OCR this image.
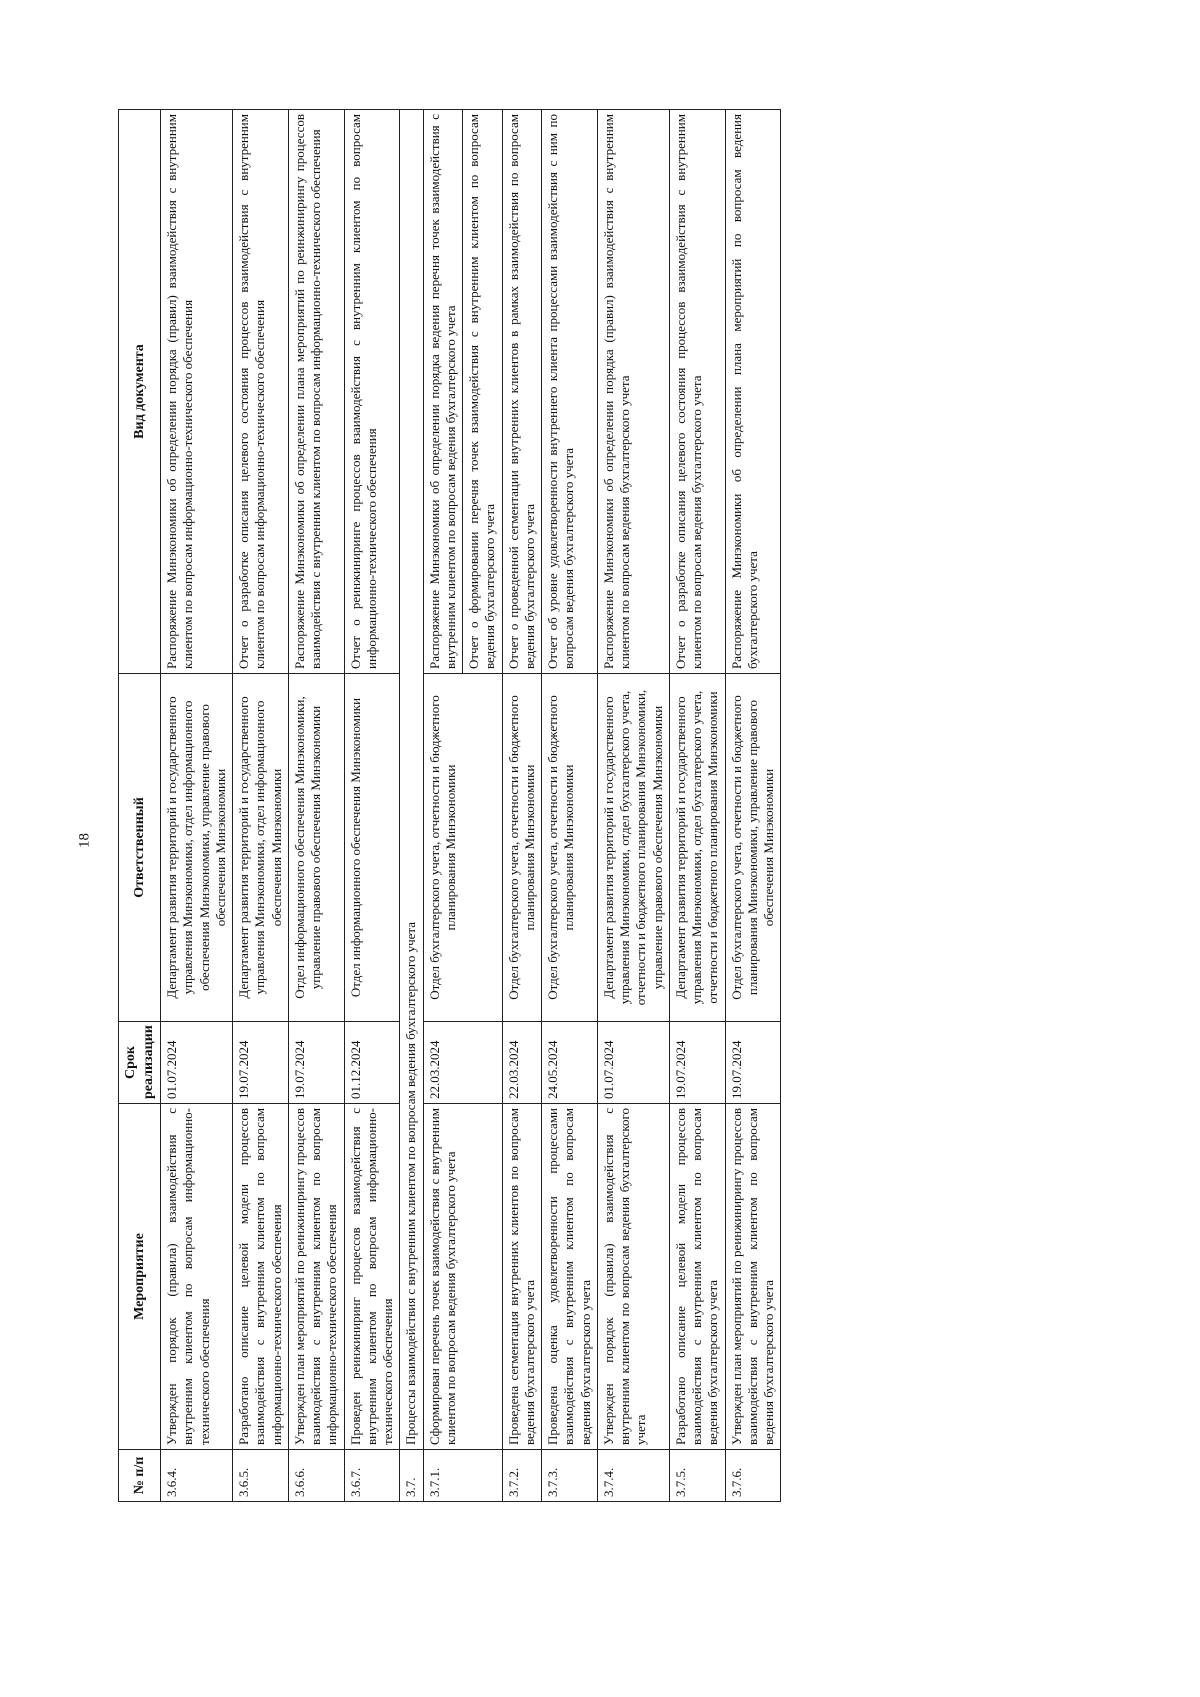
18
№ п/п	Мероприятие	Срок реализации	Ответственный	Вид документа
3.6.4.	Утвержден порядок (правила) взаимодействия с внутренним клиентом по вопросам информационно-технического обеспечения	01.07.2024	Департамент развития территорий и государственного управления Минэкономики, отдел информационного обеспечения Минэкономики, управление правового обеспечения Минэкономики	Распоряжение Минэкономики об определении порядка (правил) взаимодействия с внутренним клиентом по вопросам информационно-технического обеспечения

3.6.5.	Разработано описание целевой модели процессов взаимодействия с внутренним клиентом по вопросам информационно-технического обеспечения	19.07.2024	Департамент развития территорий и государственного управления Минэкономики, отдел информационного обеспечения Минэкономики	Отчет о разработке описания целевого состояния процессов взаимодействия с внутренним клиентом по вопросам информационно-технического обеспечения

3.6.6.	Утвержден план мероприятий по реинжинирингу процессов взаимодействия с внутренним клиентом по вопросам информационно-технического обеспечения	19.07.2024	Отдел информационного обеспечения Минэкономики, управление правового обеспечения Минэкономики	Распоряжение Минэкономики об определении плана мероприятий по реинжинирингу процессов взаимодействия с внутренним клиентом по вопросам информационно-технического обеспечения

3.6.7.	Проведен реинжиниринг процессов взаимодействия с внутренним клиентом по вопросам информационно-технического обеспечения	01.12.2024	Отдел информационного обеспечения Минэкономики	Отчет о реинжиниринге процессов взаимодействия с внутренним клиентом по вопросам информационно-технического обеспечения

3.7.	Процессы взаимодействия с внутренним клиентом по вопросам ведения бухгалтерского учета			
3.7.1.	Сформирован перечень точек взаимодействия с внутренним клиентом по вопросам ведения бухгалтерского учета	22.03.2024	Отдел бухгалтерского учета, отчетности и бюджетного планирования Минэкономики	Распоряжение Минэкономики об определении порядка ведения перечня точек взаимодействия с внутренним клиентом по вопросам ведения бухгалтерского учета Отчет о формировании перечня точек взаимодействия с внутренним клиентом по вопросам ведения бухгалтерского учета

3.7.2.	Проведена сегментация внутренних клиентов по вопросам ведения бухгалтерского учета	22.03.2024	Отдел бухгалтерского учета, отчетности и бюджетного планирования Минэкономики	Отчет о проведенной сегментации внутренних клиентов в рамках взаимодействия по вопросам ведения бухгалтерского учета

3.7.3.	Проведена оценка удовлетворенности процессами взаимодействия с внутренним клиентом по вопросам ведения бухгалтерского учета	24.05.2024	Отдел бухгалтерского учета, отчетности и бюджетного планирования Минэкономики	Отчет об уровне удовлетворенности внутреннего клиента процессами взаимодействия с ним по вопросам ведения бухгалтерского учета

3.7.4.	Утвержден порядок (правила) взаимодействия с внутренним клиентом по вопросам ведения бухгалтерского учета	01.07.2024	Департамент развития территорий и государственного управления Минэкономики, отдел бухгалтерского учета, отчетности и бюджетного планирования Минэкономики, управление правового обеспечения Минэкономики	Распоряжение Минэкономики об определении порядка (правил) взаимодействия с внутренним клиентом по вопросам ведения бухгалтерского учета

3.7.5.	Разработано описание целевой модели процессов взаимодействия с внутренним клиентом по вопросам ведения бухгалтерского учета	19.07.2024	Департамент развития территорий и государственного управления Минэкономики, отдел бухгалтерского учета, отчетности и бюджетного планирования Минэкономики	Отчет о разработке описания целевого состояния процессов взаимодействия с внутренним клиентом по вопросам ведения бухгалтерского учета

3.7.6.	Утвержден план мероприятий по реинжинирингу процессов взаимодействия с внутренним клиентом по вопросам ведения бухгалтерского учета	19.07.2024	Отдел бухгалтерского учета, отчетности и бюджетного планирования Минэкономики, управление правового обеспечения Минэкономики	Распоряжение Минэкономики об определении плана мероприятий по вопросам ведения бухгалтерского учета
